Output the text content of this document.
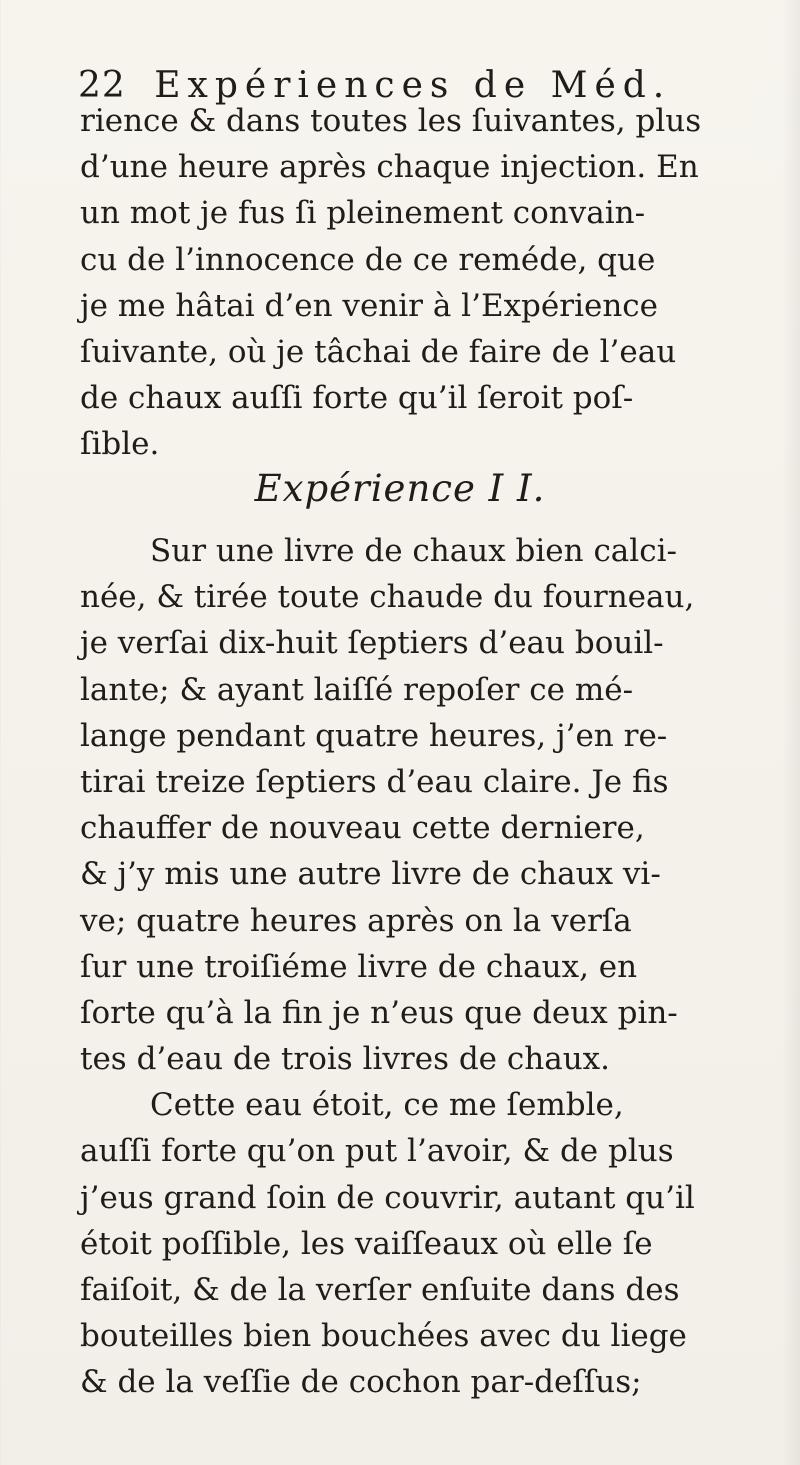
22 Expériences de Méd.
rience & dans toutes les ſuivantes, plus
d’une heure après chaque injection. En
un mot je fus ſi pleinement convain-
cu de l’innocence de ce reméde, que
je me hâtai d’en venir à l’Expérience
ſuivante, où je tâchai de faire de l’eau
de chaux auſſi forte qu’il ſeroit poſ-
ſible.
Expérience I I.
Sur une livre de chaux bien calci-
née, & tirée toute chaude du fourneau,
je verſai dix-huit ſeptiers d’eau bouil-
lante; & ayant laiſſé repoſer ce mé-
lange pendant quatre heures, j’en re-
tirai treize ſeptiers d’eau claire. Je fis
chauffer de nouveau cette derniere,
& j’y mis une autre livre de chaux vi-
ve; quatre heures après on la verſa
ſur une troiſiéme livre de chaux, en
ſorte qu’à la fin je n’eus que deux pin-
tes d’eau de trois livres de chaux.
Cette eau étoit, ce me ſemble,
auſſi forte qu’on put l’avoir, & de plus
j’eus grand ſoin de couvrir, autant qu’il
étoit poſſible, les vaiſſeaux où elle ſe
faiſoit, & de la verſer enſuite dans des
bouteilles bien bouchées avec du liege
& de la veſſie de cochon par-deſſus;
